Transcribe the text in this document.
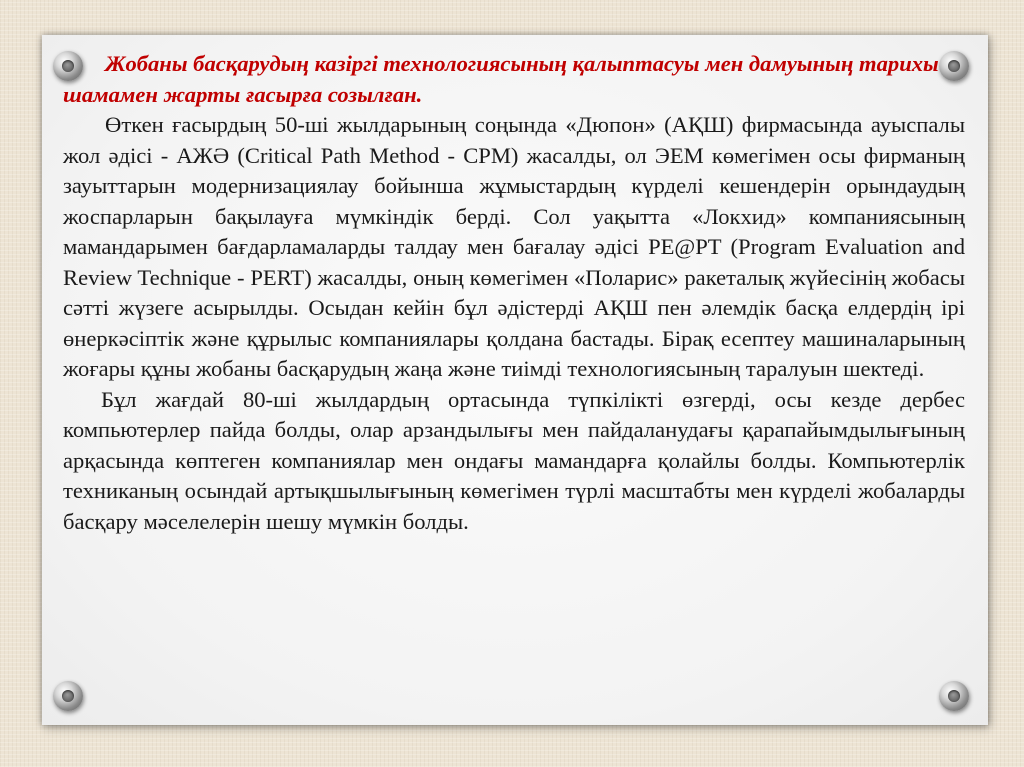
Жобаны басқарудың казіргі технологиясының қалыптасуы мен дамуының тарихы шамамен жарты ғасырға созылған.

Өткен ғасырдың 50-ші жылдарының соңында «Дюпон» (АҚШ) фирмасында ауыспалы жол әдісі - АЖӘ (Critical Path Method - CPM) жасалды, ол ЭЕМ көмегімен осы фирманың зауыттарын модернизациялау бойынша жұмыстардың күрделі кешендерін орындаудың жоспарларын бақылауға мүмкіндік берді. Сол уақытта «Локхид» компаниясының мамандарымен бағдарламаларды талдау мен бағалау әдісі PE@PT (Program Evaluation and Review Technique - PERT) жасалды, оның көмегімен «Поларис» ракеталық жүйесінің жобасы сәтті жүзеге асырылды. Осыдан кейін бұл әдістерді АҚШ пен әлемдік басқа елдердің ірі өнеркәсіптік және құрылыс компаниялары қолдана бастады. Бірақ есептеу машиналарының жоғары құны жобаны басқарудың жаңа және тиімді технологиясының таралуын шектеді.

Бұл жағдай 80-ші жылдардың ортасында түпкілікті өзгерді, осы кезде дербес компьютерлер пайда болды, олар арзандылығы мен пайдаланудағы қарапайымдылығының арқасында көптеген компаниялар мен ондағы мамандарға қолайлы болды. Компьютерлік техниканың осындай артықшылығының көмегімен түрлі масштабты мен күрделі жобаларды басқару мәселелерін шешу мүмкін болды.
